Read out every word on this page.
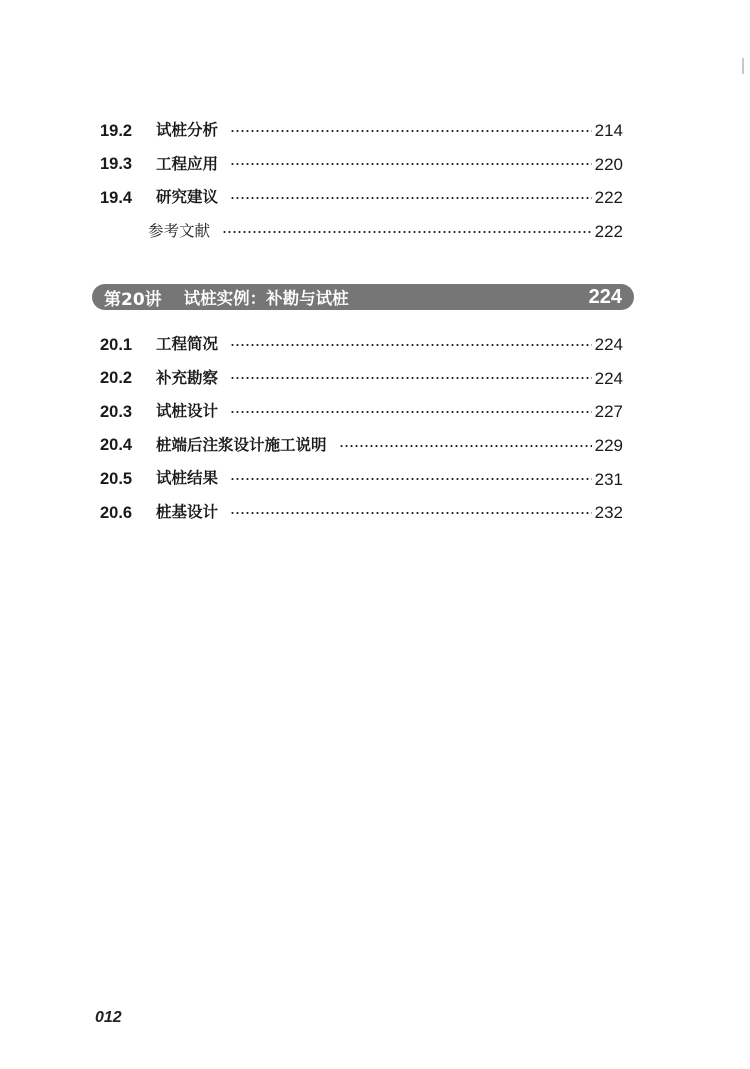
19.2	试桩分析	214
19.3	工程应用	220
19.4	研究建议	222
参考文献	222
第20讲 试桩实例：补勘与试桩	224
20.1	工程简况	224
20.2	补充勘察	224
20.3	试桩设计	227
20.4	桩端后注浆设计施工说明	229
20.5	试桩结果	231
20.6	桩基设计	232
012
